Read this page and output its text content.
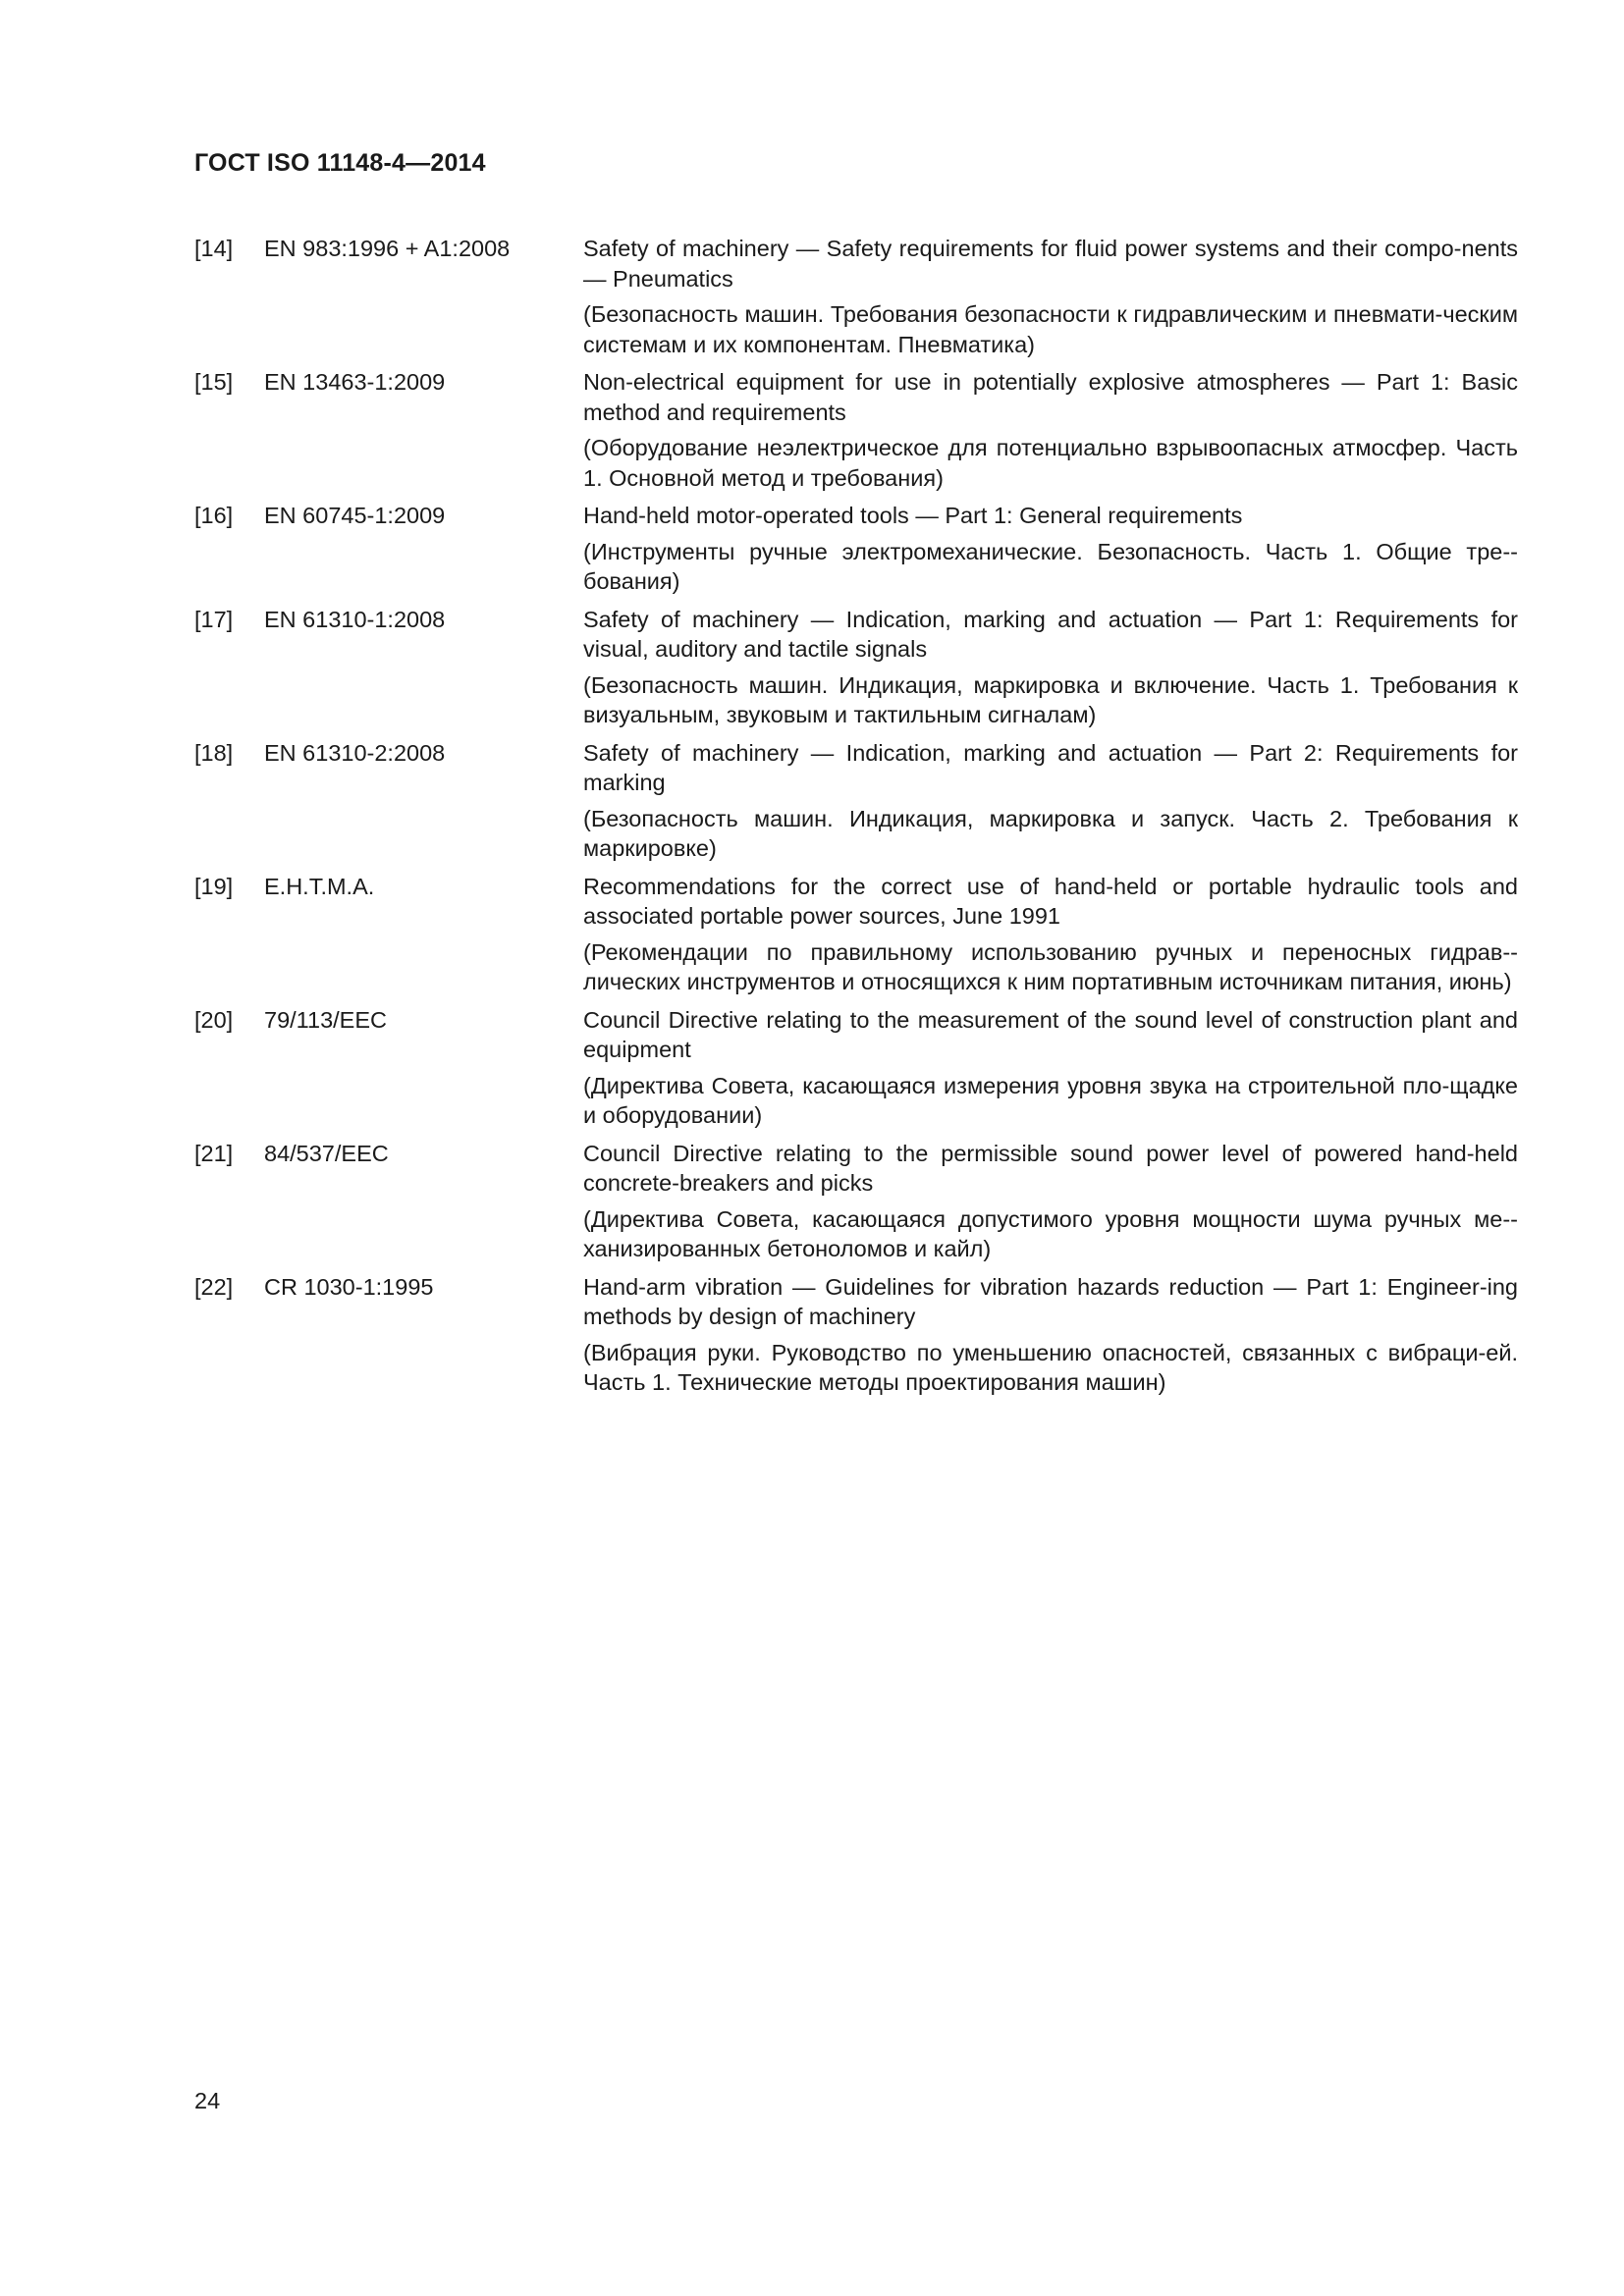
ГОСТ ISO 11148-4—2014
[14]	EN 983:1996 + A1:2008	Safety of machinery — Safety requirements for fluid power systems and their compo-nents — Pneumatics

(Безопасность машин. Требования безопасности к гидравлическим и пневмати-ческим системам и их компонентам. Пневматика)

[15]	EN 13463-1:2009	Non-electrical equipment for use in potentially explosive atmospheres — Part 1: Basic method and requirements

(Оборудование неэлектрическое для потенциально взрывоопасных атмосфер. Часть 1. Основной метод и требования)

[16]	EN 60745-1:2009	Hand-held motor-operated tools — Part 1: General requirements

(Инструменты ручные электромеханические. Безопасность. Часть 1. Общие тре-бования)

[17]	EN 61310-1:2008	Safety of machinery — Indication, marking and actuation — Part 1: Requirements for visual, auditory and tactile signals

(Безопасность машин. Индикация, маркировка и включение. Часть 1. Требования к визуальным, звуковым и тактильным сигналам)

[18]	EN 61310-2:2008	Safety of machinery — Indication, marking and actuation — Part 2: Requirements for marking

(Безопасность машин. Индикация, маркировка и запуск. Часть 2. Требования к маркировке)

[19]	E.H.T.M.A.	Recommendations for the correct use of hand-held or portable hydraulic tools and associated portable power sources, June 1991

(Рекомендации по правильному использованию ручных и переносных гидрав-лических инструментов и относящихся к ним портативным источникам питания, июнь)

[20]	79/113/EEC	Council Directive relating to the measurement of the sound level of construction plant and equipment

(Директива Совета, касающаяся измерения уровня звука на строительной пло-щадке и оборудовании)

[21]	84/537/EEC	Council Directive relating to the permissible sound power level of powered hand-held concrete-breakers and picks

(Директива Совета, касающаяся допустимого уровня мощности шума ручных ме-ханизированных бетоноломов и кайл)

[22]	CR 1030-1:1995	Hand-arm vibration — Guidelines for vibration hazards reduction — Part 1: Engineer-ing methods by design of machinery

(Вибрация руки. Руководство по уменьшению опасностей, связанных с вибраци-ей. Часть 1. Технические методы проектирования машин)

24
